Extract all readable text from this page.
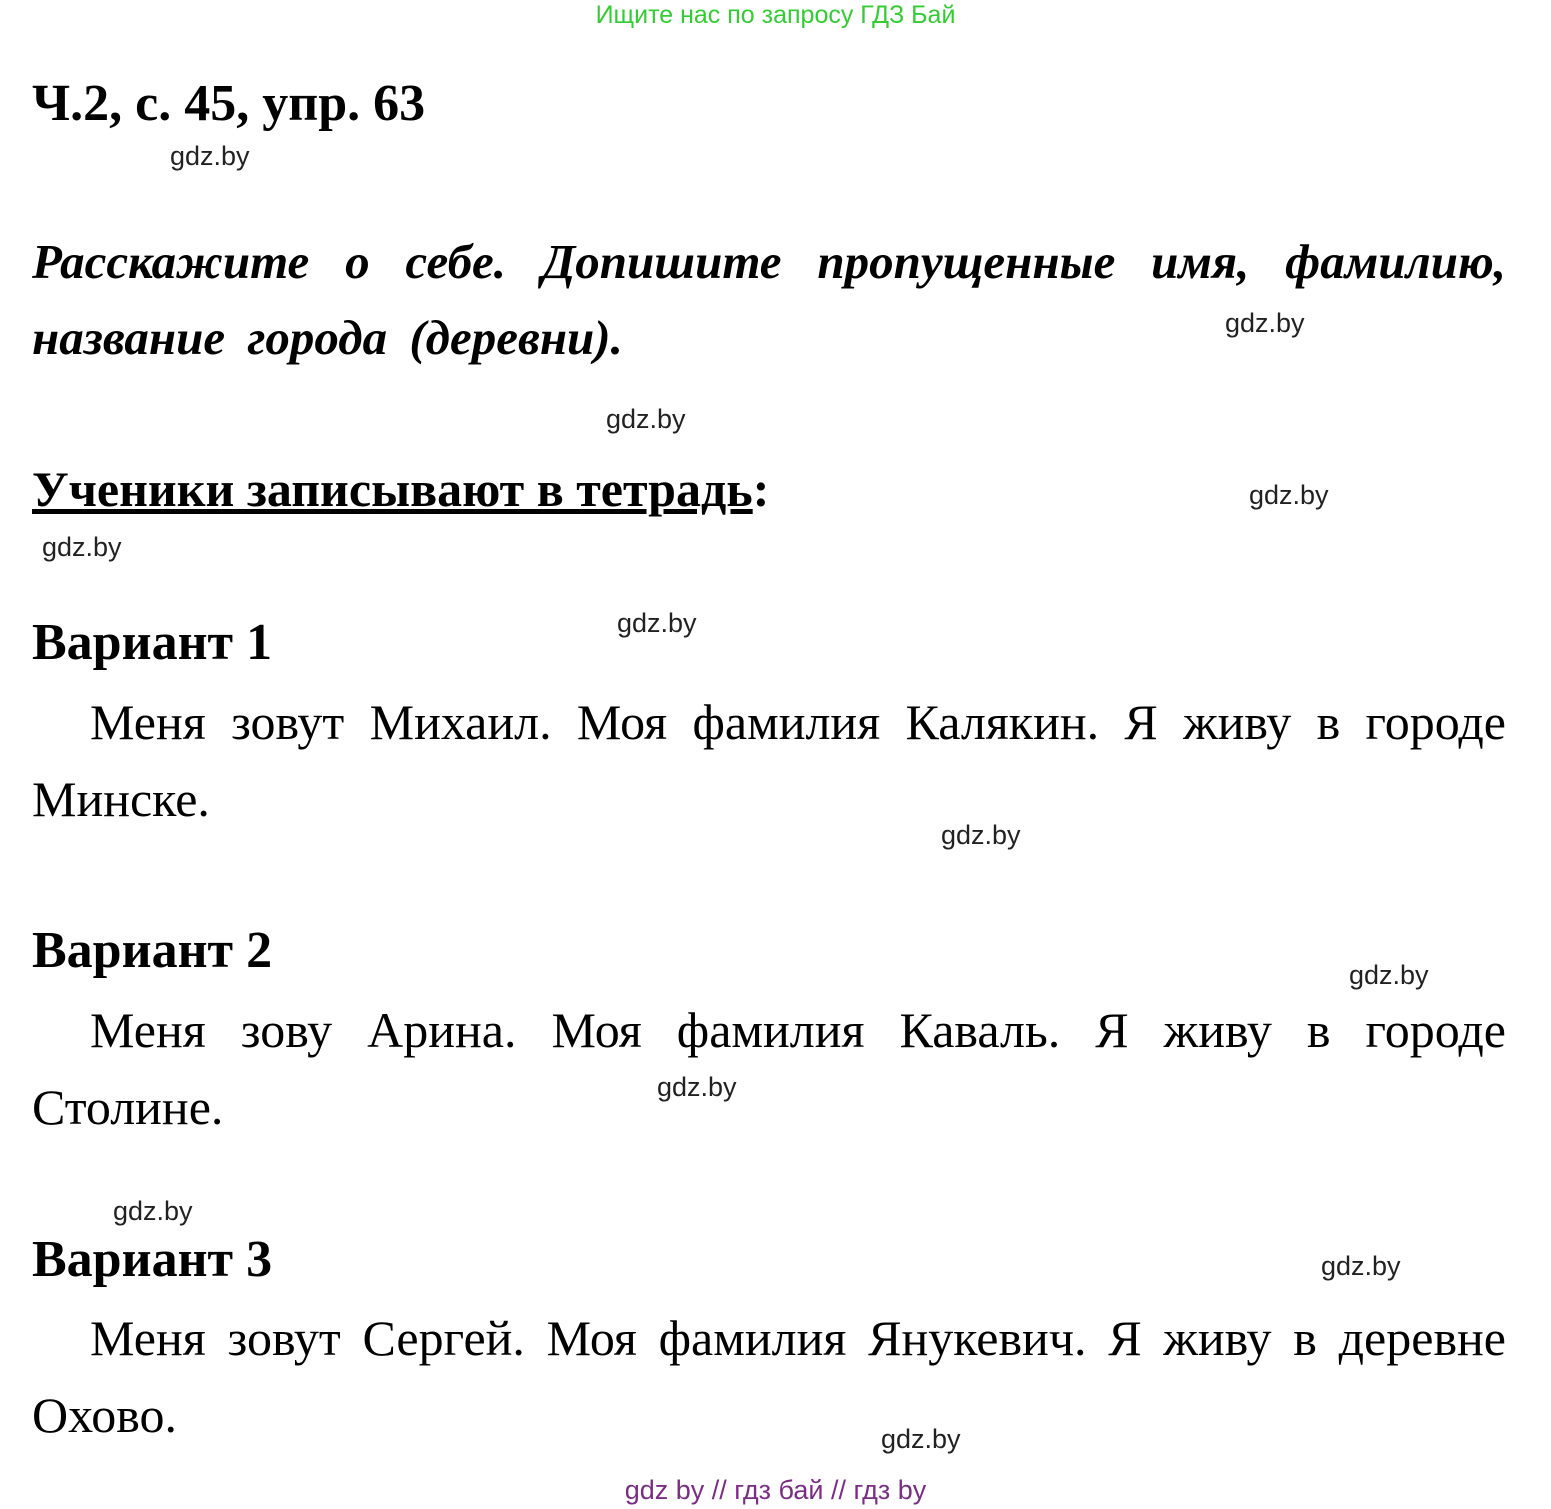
Ищите нас по запросу ГДЗ Бай
Ч.2, с. 45, упр. 63

Расскажите о себе. Допишите пропущенные имя, фамилию, название города (деревни).

Ученики записывают в тетрадь:
Вариант 1

Меня зовут Михаил. Моя фамилия Калякин. Я живу в городе Минске.

Вариант 2

Меня зову Арина. Моя фамилия Каваль. Я живу в городе Столине.

Вариант 3

Меня зовут Сергей. Моя фамилия Янукевич. Я живу в деревне Охово.

gdz.by
gdz.by
gdz.by
gdz.by
gdz.by
gdz.by
gdz.by
gdz.by
gdz.by
gdz.by
gdz.by
gdz.by
gdz by // гдз бай // гдз by
